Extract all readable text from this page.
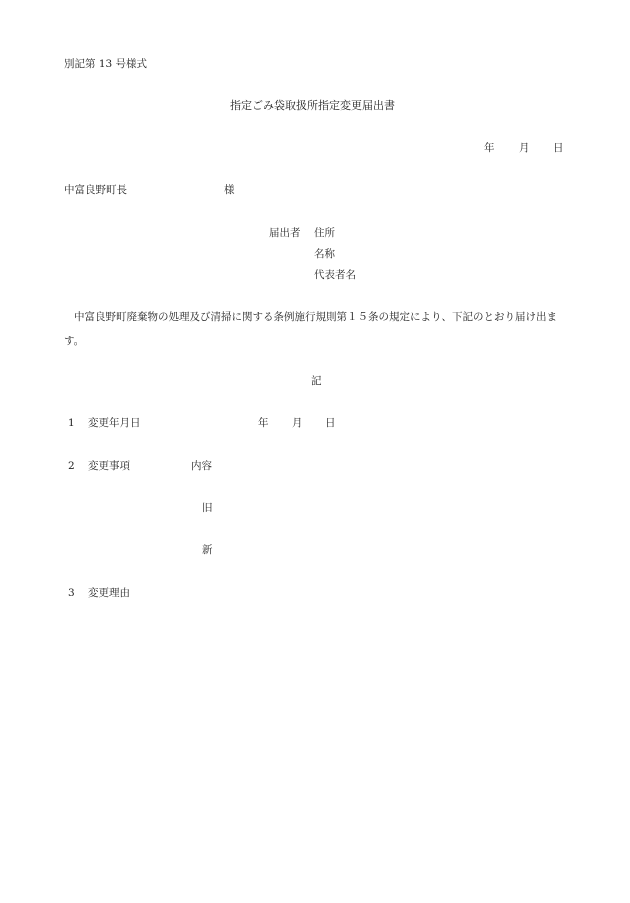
別記第 13 号様式
指定ごみ袋取扱所指定変更届出書
年 月 日
中富良野町長	様
届出者 住所
名称
代表者名
中富良野町廃棄物の処理及び清掃に関する条例施行規則第１５条の規定により、下記のとおり届け出ます。
記
1 変更年月日	年 月 日
2 変更事項	内容
旧
新
3 変更理由
